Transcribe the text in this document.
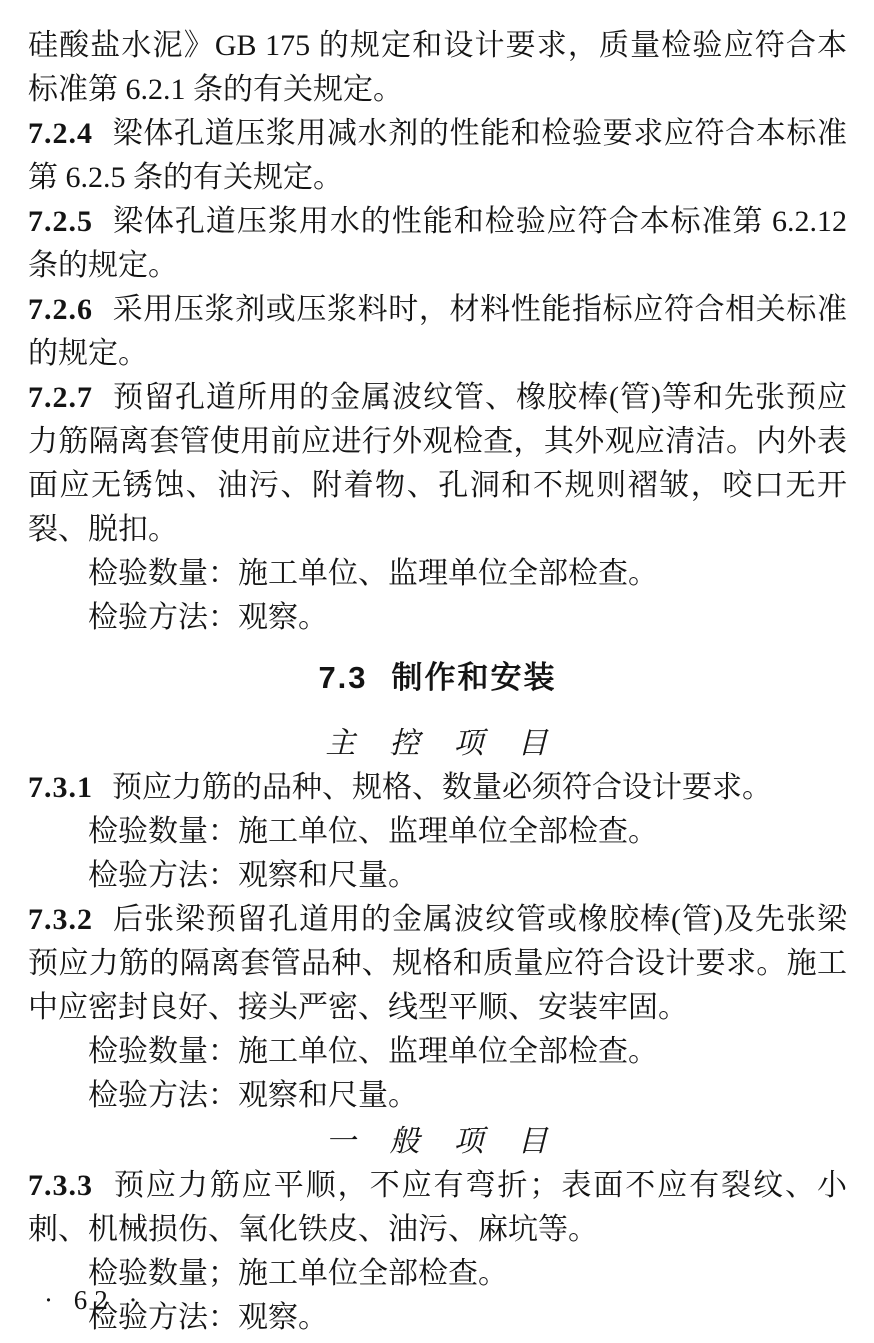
硅酸盐水泥》GB 175 的规定和设计要求，质量检验应符合本标准第 6.2.1 条的有关规定。

7.2.4 梁体孔道压浆用减水剂的性能和检验要求应符合本标准第 6.2.5 条的有关规定。

7.2.5 梁体孔道压浆用水的性能和检验应符合本标准第 6.2.12 条的规定。

7.2.6 采用压浆剂或压浆料时，材料性能指标应符合相关标准的规定。

7.2.7 预留孔道所用的金属波纹管、橡胶棒(管)等和先张预应力筋隔离套管使用前应进行外观检查，其外观应清洁。内外表面应无锈蚀、油污、附着物、孔洞和不规则褶皱，咬口无开裂、脱扣。

检验数量：施工单位、监理单位全部检查。

检验方法：观察。

7.3 制作和安装

主　控　项　目

7.3.1 预应力筋的品种、规格、数量必须符合设计要求。

检验数量：施工单位、监理单位全部检查。

检验方法：观察和尺量。

7.3.2 后张梁预留孔道用的金属波纹管或橡胶棒(管)及先张梁预应力筋的隔离套管品种、规格和质量应符合设计要求。施工中应密封良好、接头严密、线型平顺、安装牢固。

检验数量：施工单位、监理单位全部检查。

检验方法：观察和尺量。

一　般　项　目

7.3.3 预应力筋应平顺，不应有弯折；表面不应有裂纹、小刺、机械损伤、氧化铁皮、油污、麻坑等。

检验数量；施工单位全部检查。

检验方法：观察。

· 62 ·
